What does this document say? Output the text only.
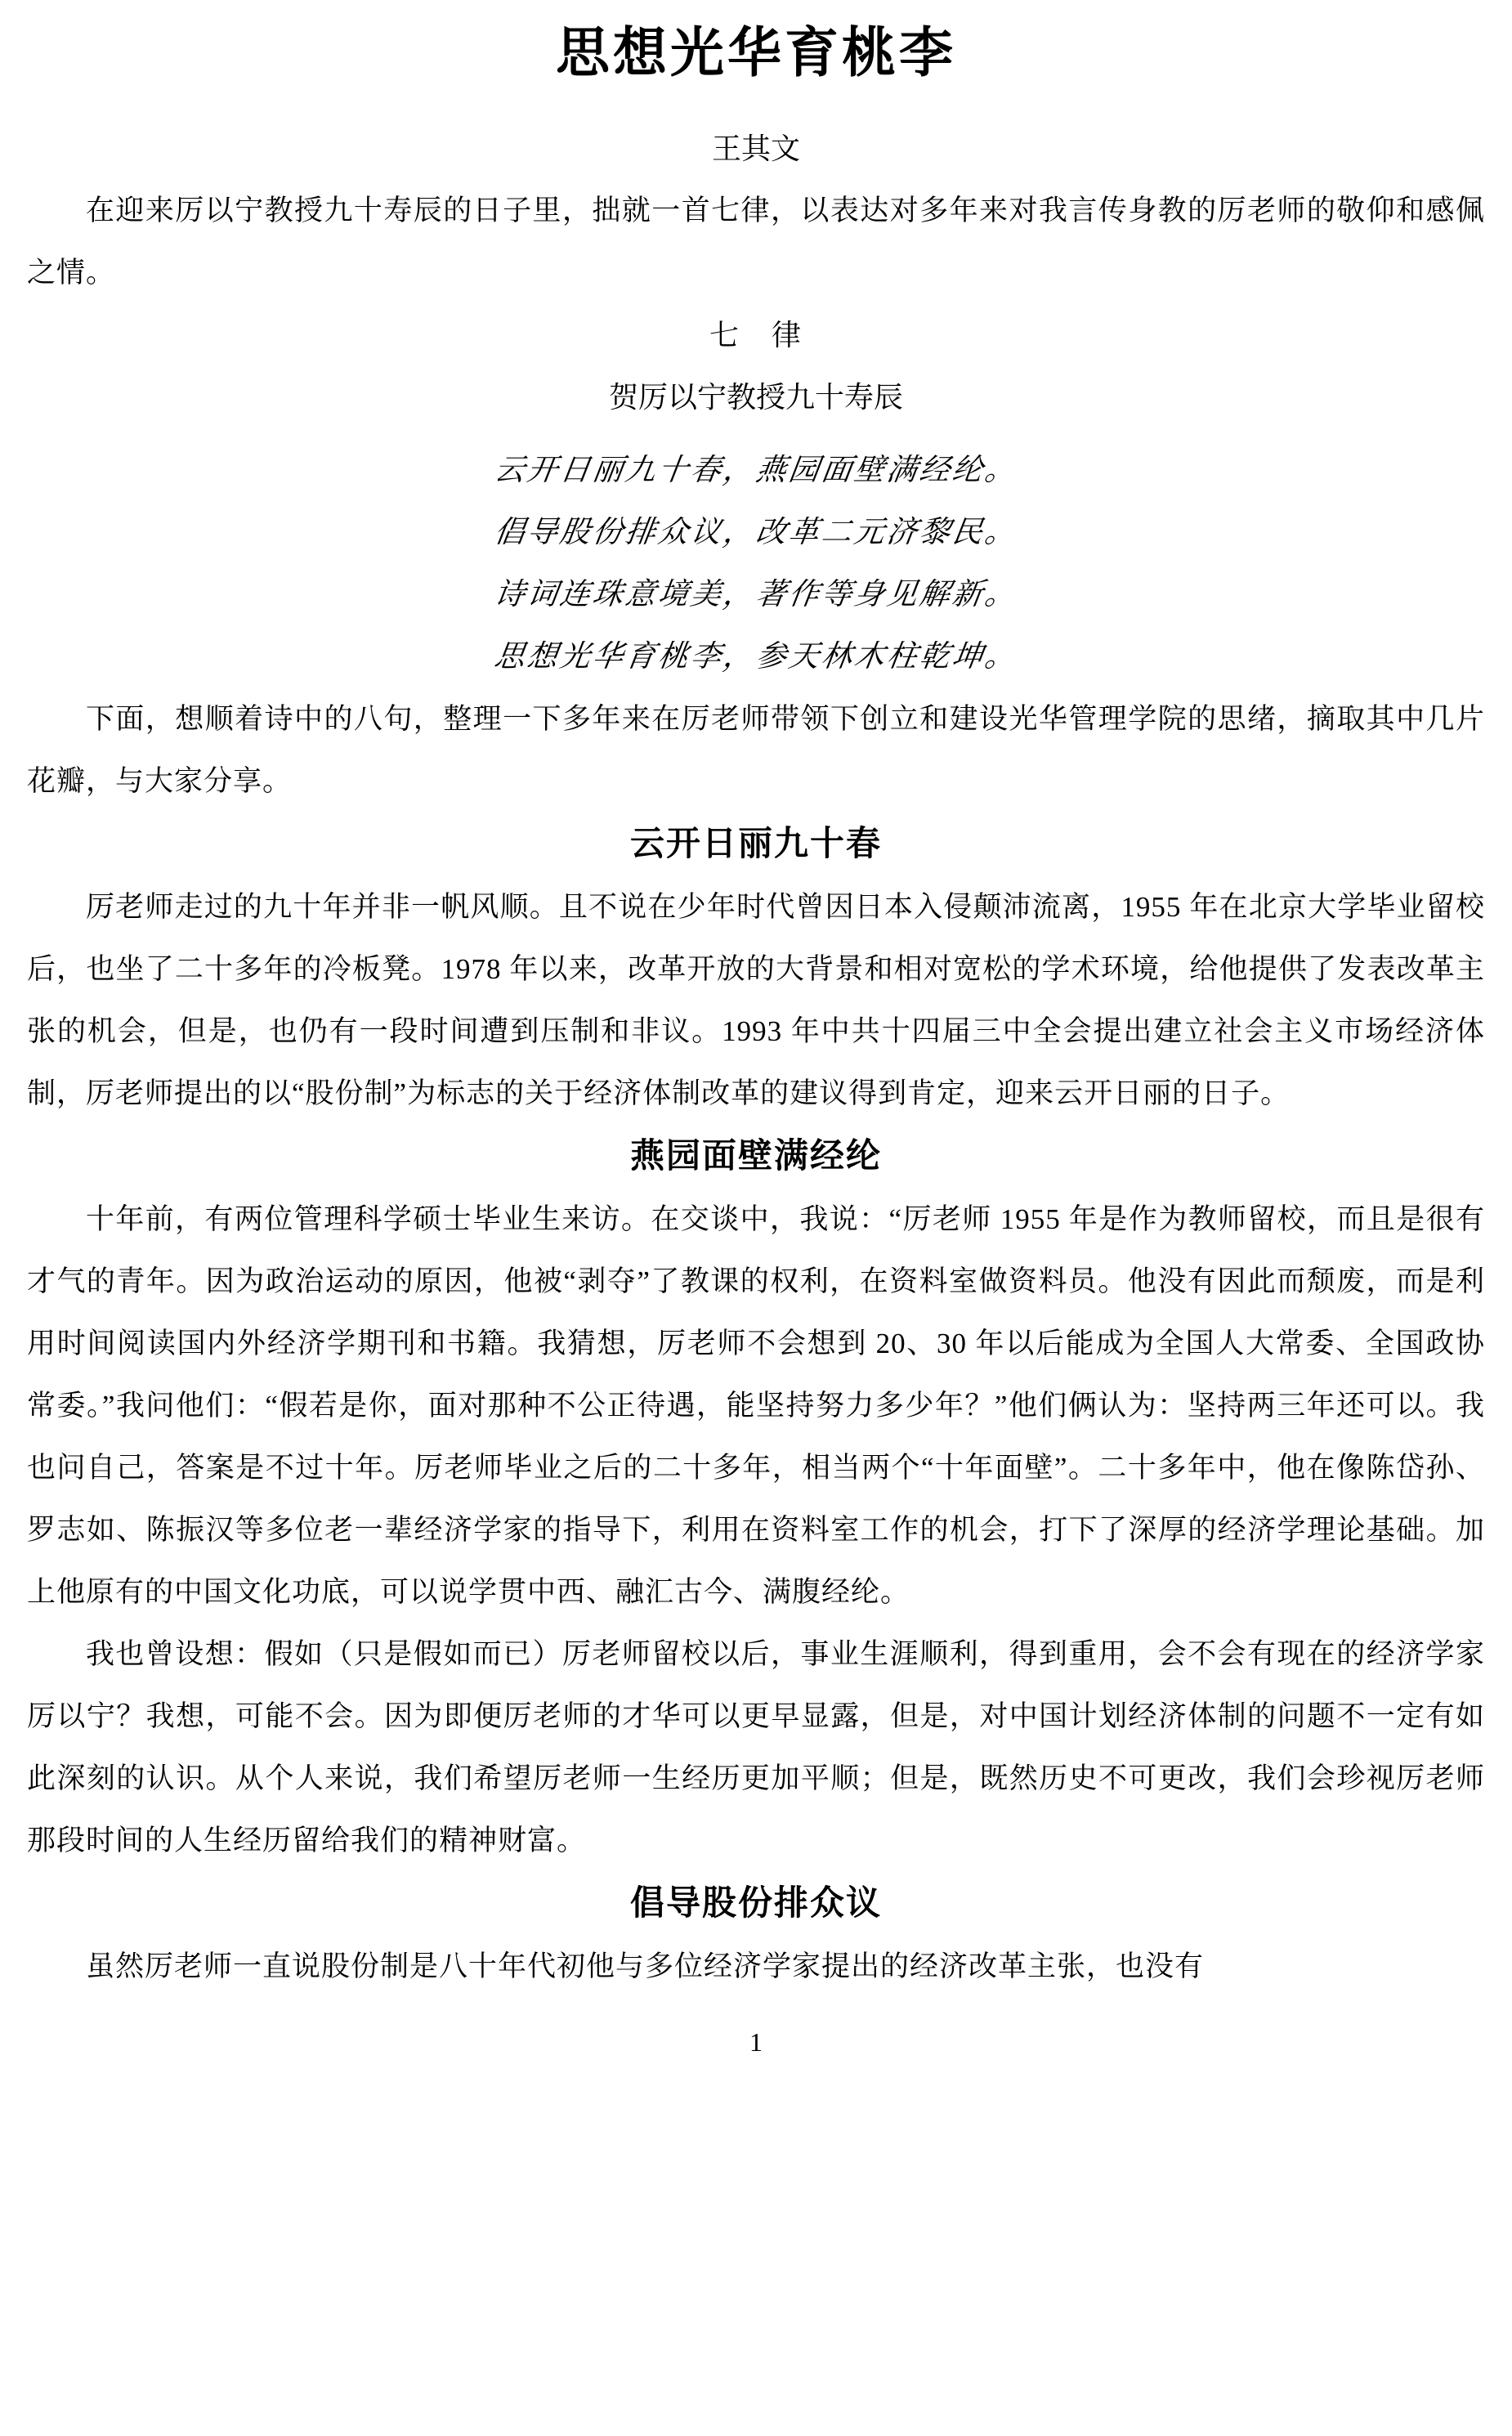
思想光华育桃李
王其文

在迎来厉以宁教授九十寿辰的日子里，拙就一首七律，以表达对多年来对我言传身教的厉老师的敬仰和感佩之情。

七　律
贺厉以宁教授九十寿辰
云开日丽九十春，燕园面壁满经纶。
倡导股份排众议，改革二元济黎民。
诗词连珠意境美，著作等身见解新。
思想光华育桃李，参天林木柱乾坤。

下面，想顺着诗中的八句，整理一下多年来在厉老师带领下创立和建设光华管理学院的思绪，摘取其中几片花瓣，与大家分享。

云开日丽九十春

厉老师走过的九十年并非一帆风顺。且不说在少年时代曾因日本入侵颠沛流离，1955 年在北京大学毕业留校后，也坐了二十多年的冷板凳。1978 年以来，改革开放的大背景和相对宽松的学术环境，给他提供了发表改革主张的机会，但是，也仍有一段时间遭到压制和非议。1993 年中共十四届三中全会提出建立社会主义市场经济体制，厉老师提出的以“股份制”为标志的关于经济体制改革的建议得到肯定，迎来云开日丽的日子。

燕园面壁满经纶

十年前，有两位管理科学硕士毕业生来访。在交谈中，我说：“厉老师 1955 年是作为教师留校，而且是很有才气的青年。因为政治运动的原因，他被“剥夺”了教课的权利，在资料室做资料员。他没有因此而颓废，而是利用时间阅读国内外经济学期刊和书籍。我猜想，厉老师不会想到 20、30 年以后能成为全国人大常委、全国政协常委。”我问他们：“假若是你，面对那种不公正待遇，能坚持努力多少年？”他们俩认为：坚持两三年还可以。我也问自己，答案是不过十年。厉老师毕业之后的二十多年，相当两个“十年面壁”。二十多年中，他在像陈岱孙、罗志如、陈振汉等多位老一辈经济学家的指导下，利用在资料室工作的机会，打下了深厚的经济学理论基础。加上他原有的中国文化功底，可以说学贯中西、融汇古今、满腹经纶。

我也曾设想：假如（只是假如而已）厉老师留校以后，事业生涯顺利，得到重用，会不会有现在的经济学家厉以宁？我想，可能不会。因为即便厉老师的才华可以更早显露，但是，对中国计划经济体制的问题不一定有如此深刻的认识。从个人来说，我们希望厉老师一生经历更加平顺；但是，既然历史不可更改，我们会珍视厉老师那段时间的人生经历留给我们的精神财富。

倡导股份排众议

虽然厉老师一直说股份制是八十年代初他与多位经济学家提出的经济改革主张，也没有

1
